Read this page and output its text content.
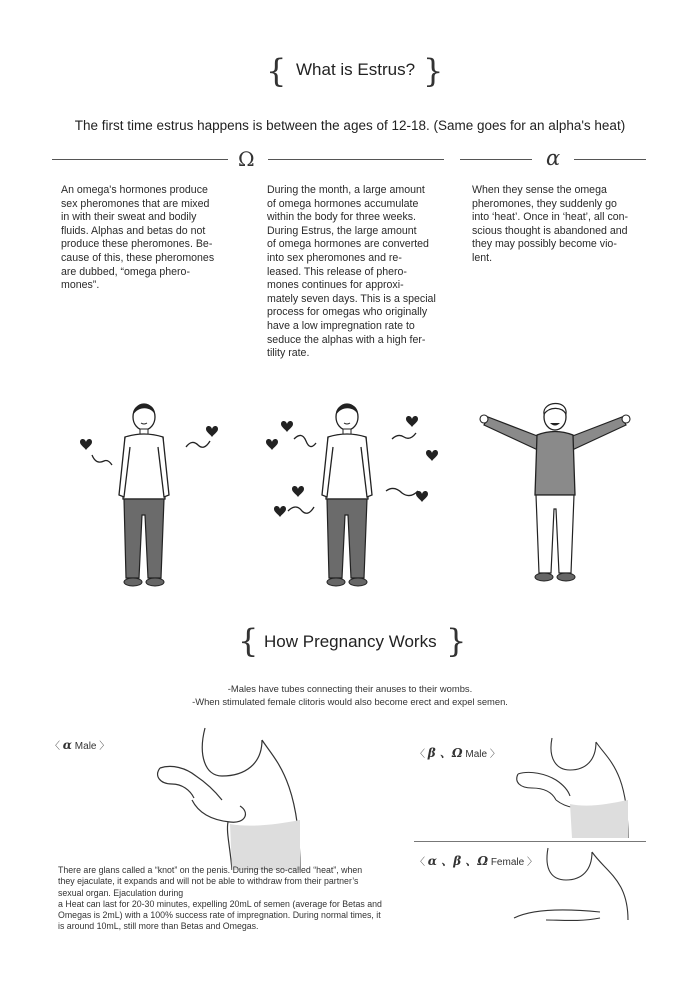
{ What is Estrus? }
The first time estrus happens is between the ages of 12-18. (Same goes for an alpha's heat)
Ω	α
An omega's hormones produce
sex pheromones that are mixed
in with their sweat and bodily
fluids. Alphas and betas do not
produce these pheromones. Be-
cause of this, these pheromones
are dubbed, “omega phero-
mones”.
During the month, a large amount
of omega hormones accumulate
within the body for three weeks.
During Estrus, the large amount
of omega hormones are converted
into sex pheromones and re-
leased. This release of phero-
mones continues for approxi-
mately seven days. This is a special
process for omegas who originally
have a low impregnation rate to
seduce the alphas with a high fer-
tility rate.
When they sense the omega
pheromones, they suddenly go
into ‘heat’. Once in ‘heat’, all con-
scious thought is abandoned and
they may possibly become vio-
lent.
{ How Pregnancy Works }
-Males have tubes connecting their anuses to their wombs.
-When stimulated female clitoris would also become erect and expel semen.
〈 α Male 〉
〈 β 、Ω Male 〉
〈 α 、β 、Ω Female 〉
There are glans called a “knot” on the penis. During the so-called “heat”, when
they ejaculate, it expands and will not be able to withdraw from their partner’s
sexual organ. Ejaculation during
a Heat can last for 20-30 minutes, expelling 20mL of semen (average for Betas and
Omegas is 2mL) with a 100% success rate of impregnation. During normal times, it
is around 10mL, still more than Betas and Omegas.
